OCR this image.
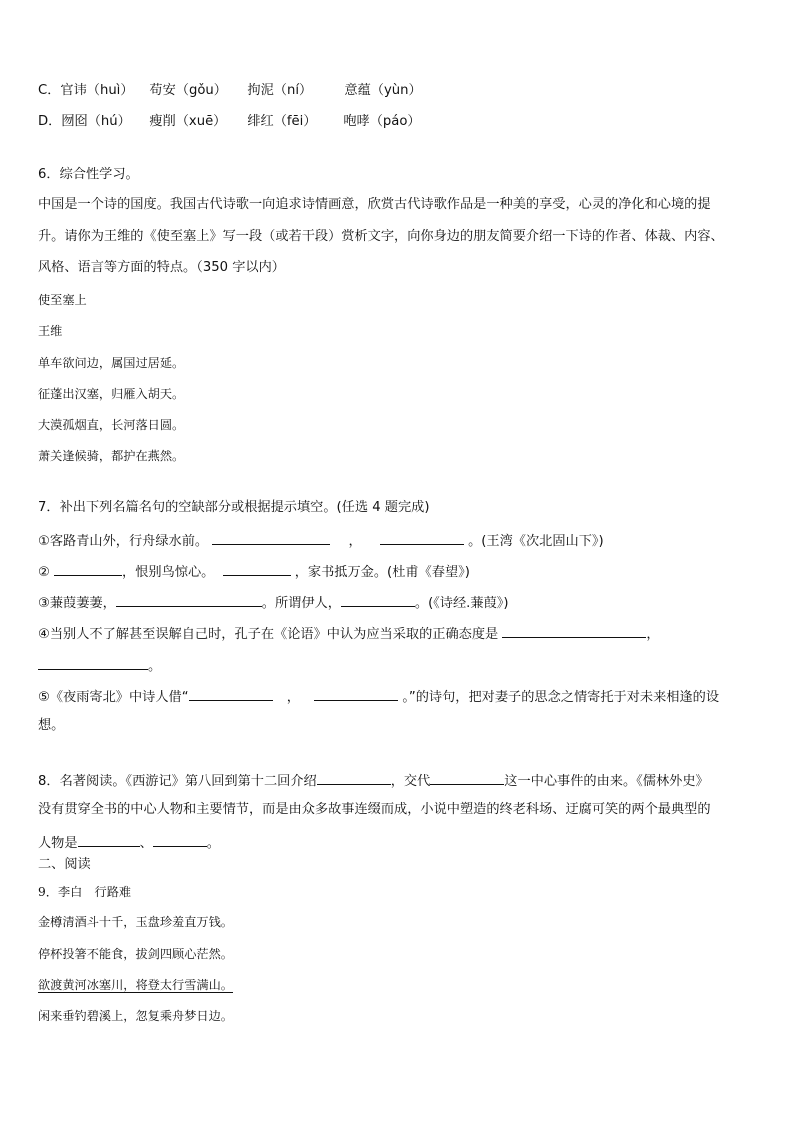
C．官讳（huì） 苟安（gǒu） 拘泥（ní） 意蕴（yùn）
D．囫囵（hú） 瘦削（xuē） 绯红（fēi） 咆哮（páo）
6．综合性学习。
中国是一个诗的国度。我国古代诗歌一向追求诗情画意，欣赏古代诗歌作品是一种美的享受，心灵的净化和心境的提
升。请你为王维的《使至塞上》写一段（或若干段）赏析文字，向你身边的朋友简要介绍一下诗的作者、体裁、内容、
风格、语言等方面的特点。（350 字以内）
使至塞上
王维
单车欲问边，属国过居延。
征蓬出汉塞，归雁入胡天。
大漠孤烟直，长河落日圆。
萧关逢候骑，都护在燕然。
7．补出下列名篇名句的空缺部分或根据提示填空。(任选 4 题完成)
①客路青山外，行舟绿水前。	，	。(王湾《次北固山下》)
②	，恨别鸟惊心。	，家书抵万金。(杜甫《春望》)
③蒹葭萋萋，	。所谓伊人，	。(《诗经.蒹葭》)
④当别人不了解甚至误解自己时，孔子在《论语》中认为应当采取的正确态度是	，
。
⑤《夜雨寄北》中诗人借“	，	。”的诗句，把对妻子的思念之情寄托于对未来相逢的设
想。
8．名著阅读。《西游记》第八回到第十二回介绍	，交代	这一中心事件的由来。《儒林外史》
没有贯穿全书的中心人物和主要情节，而是由众多故事连缀而成，小说中塑造的终老科场、迂腐可笑的两个最典型的
人物是	、	。
二、阅读
9．李白　行路难
金樽清酒斗十千，玉盘珍羞直万钱。
停杯投箸不能食，拔剑四顾心茫然。
欲渡黄河冰塞川，将登太行雪满山。
闲来垂钓碧溪上，忽复乘舟梦日边。
